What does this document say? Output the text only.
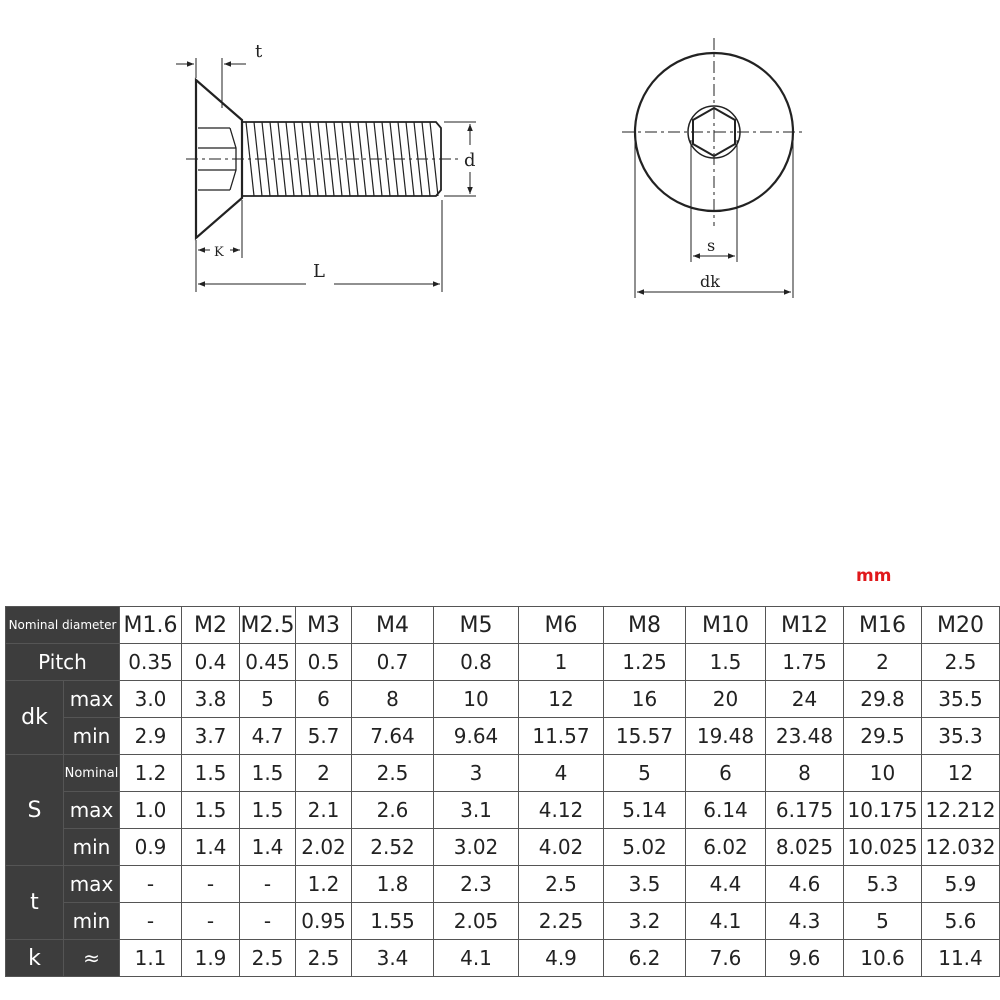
t
d
K
L
s
dk
mm
Nominal diameter		M1.6	M2	M2.5	M3	M4	M5	M6	M8	M10	M12	M16	M20
Pitch		0.35	0.4	0.45	0.5	0.7	0.8	1	1.25	1.5	1.75	2	2.5
dk	max	3.0	3.8	5	6	8	10	12	16	20	24	29.8	35.5
	min	2.9	3.7	4.7	5.7	7.64	9.64	11.57	15.57	19.48	23.48	29.5	35.3
S	Nominal	1.2	1.5	1.5	2	2.5	3	4	5	6	8	10	12
	max	1.0	1.5	1.5	2.1	2.6	3.1	4.12	5.14	6.14	6.175	10.175	12.212
	min	0.9	1.4	1.4	2.02	2.52	3.02	4.02	5.02	6.02	8.025	10.025	12.032
t	max	-	-	-	1.2	1.8	2.3	2.5	3.5	4.4	4.6	5.3	5.9
	min	-	-	-	0.95	1.55	2.05	2.25	3.2	4.1	4.3	5	5.6
k	≈	1.1	1.9	2.5	2.5	3.4	4.1	4.9	6.2	7.6	9.6	10.6	11.4
